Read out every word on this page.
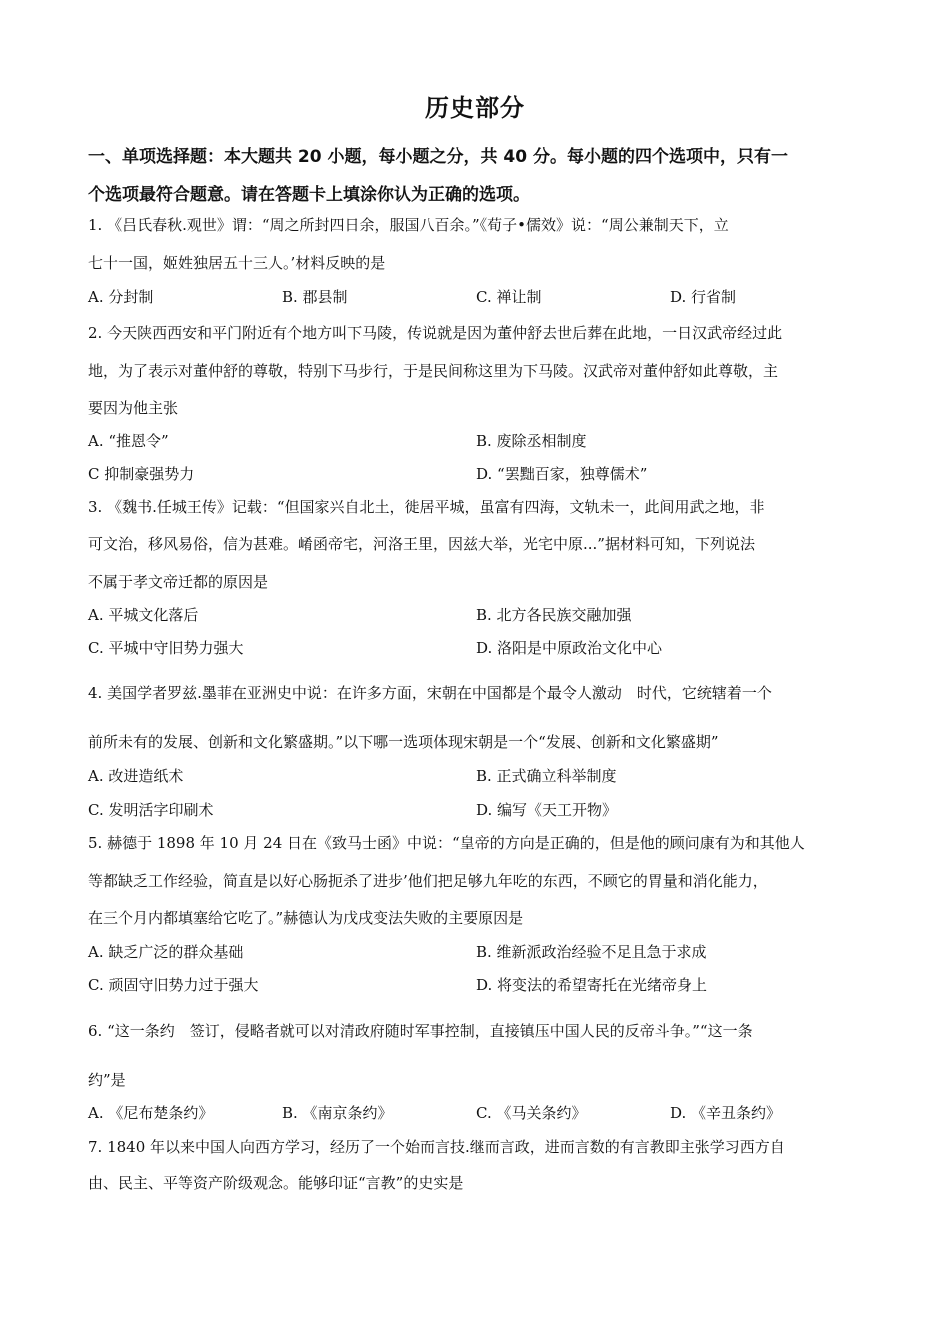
历史部分
一、单项选择题：本大题共 20 小题，每小题之分，共 40 分。每小题的四个选项中，只有一
个选项最符合题意。请在答题卡上填涂你认为正确的选项。
1. 《吕氏春秋.观世》谓：“周之所封四日余，服国八百余。”《荀子•儒效》说：“周公兼制天下，立
七十一国，姬姓独居五十三人。’材料反映的是
A. 分封制	B. 郡县制	C. 禅让制	D. 行省制
2. 今天陕西西安和平门附近有个地方叫下马陵，传说就是因为董仲舒去世后葬在此地，一日汉武帝经过此
地，为了表示对董仲舒的尊敬，特别下马步行，于是民间称这里为下马陵。汉武帝对董仲舒如此尊敬，主
要因为他主张
A. “推恩令”	B. 废除丞相制度
C 抑制豪强势力	D. “罢黜百家，独尊儒术”
3. 《魏书.任城王传》记载：“但国家兴自北土，徙居平城，虽富有四海，文轨未一，此间用武之地，非
可文治，移风易俗，信为甚难。崤函帝宅，河洛王里，因兹大举，光宅中原...”据材料可知，下列说法
不属于孝文帝迁都的原因是
A. 平城文化落后	B. 北方各民族交融加强
C. 平城中守旧势力强大	D. 洛阳是中原政治文化中心
4. 美国学者罗兹.墨菲在亚洲史中说：在许多方面，宋朝在中国都是个最令人激动　时代，它统辖着一个
前所未有的发展、创新和文化繁盛期。”以下哪一选项体现宋朝是一个“发展、创新和文化繁盛期”
A. 改进造纸术	B. 正式确立科举制度
C. 发明活字印刷术	D. 编写《天工开物》
5. 赫德于 1898 年 10 月 24 日在《致马士函》中说：“皇帝的方向是正确的，但是他的顾问康有为和其他人
等都缺乏工作经验，简直是以好心肠扼杀了进步’他们把足够九年吃的东西，不顾它的胃量和消化能力，
在三个月内都填塞给它吃了。”赫德认为戊戌变法失败的主要原因是
A. 缺乏广泛的群众基础	B. 维新派政治经验不足且急于求成
C. 顽固守旧势力过于强大	D. 将变法的希望寄托在光绪帝身上
6. “这一条约　签订，侵略者就可以对清政府随时军事控制，直接镇压中国人民的反帝斗争。”“这一条
约”是
A. 《尼布楚条约》	B. 《南京条约》	C. 《马关条约》	D. 《辛丑条约》
7. 1840 年以来中国人向西方学习，经历了一个始而言技.继而言政，进而言数的有言教即主张学习西方自
由、民主、平等资产阶级观念。能够印证“言教”的史实是
